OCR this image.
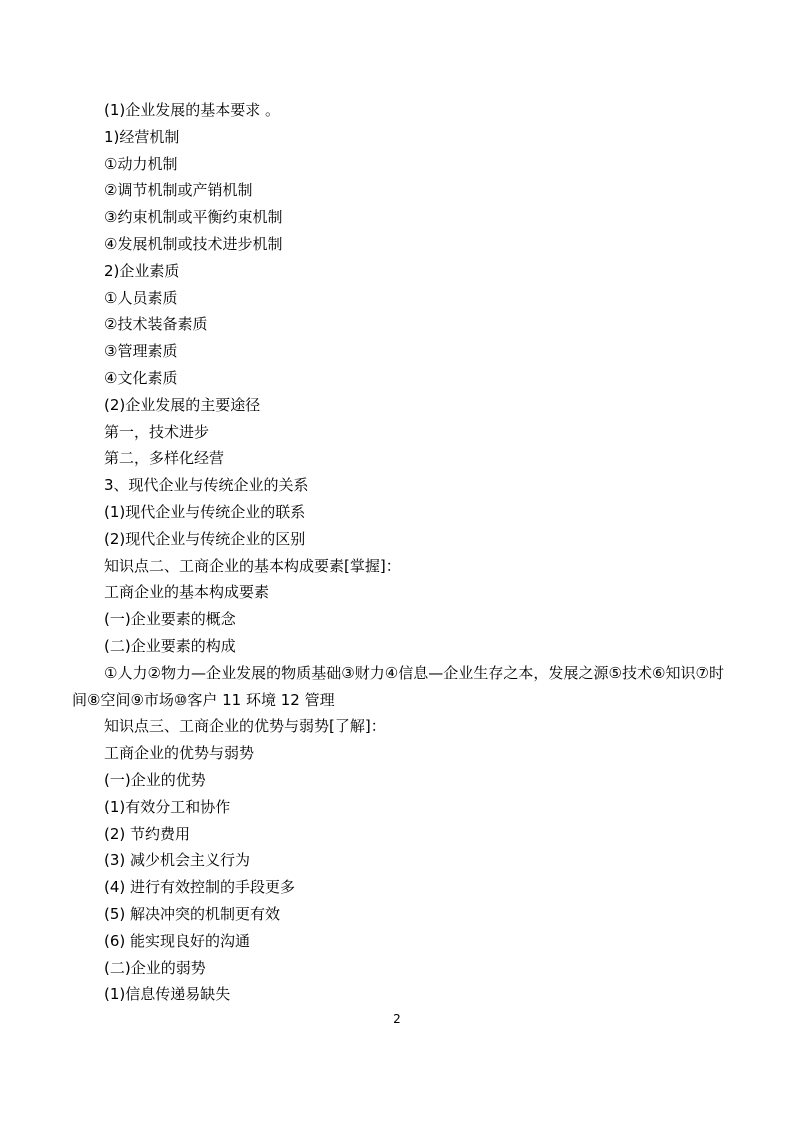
(1)企业发展的基本要求 。
1)经营机制
①动力机制
②调节机制或产销机制
③约束机制或平衡约束机制
④发展机制或技术进步机制
2)企业素质
①人员素质
②技术装备素质
③管理素质
④文化素质
(2)企业发展的主要途径
第一，技术进步
第二，多样化经营
3、现代企业与传统企业的关系
(1)现代企业与传统企业的联系
(2)现代企业与传统企业的区别
知识点二、工商企业的基本构成要素[掌握]：
工商企业的基本构成要素
(一)企业要素的概念
(二)企业要素的构成
①人力②物力—企业发展的物质基础③财力④信息—企业生存之本，发展之源⑤技术⑥知识⑦时间⑧空间⑨市场⑩客户 11 环境 12 管理
知识点三、工商企业的优势与弱势[了解]：
工商企业的优势与弱势
(一)企业的优势
(1)有效分工和协作
(2) 节约费用
(3) 减少机会主义行为
(4) 进行有效控制的手段更多
(5) 解决冲突的机制更有效
(6) 能实现良好的沟通
(二)企业的弱势
(1)信息传递易缺失
2
